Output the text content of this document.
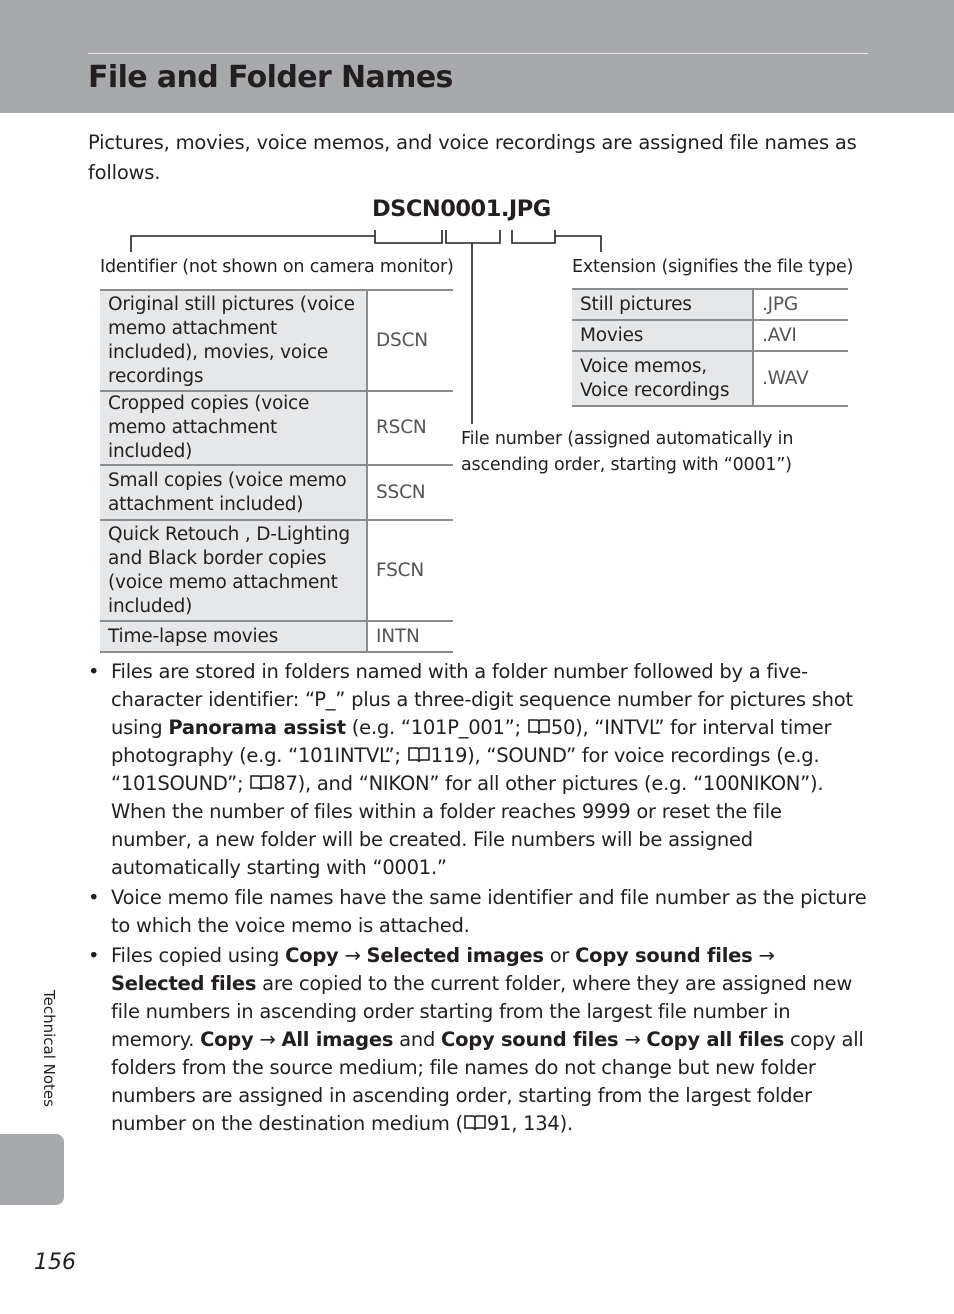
File and Folder Names
Pictures, movies, voice memos, and voice recordings are assigned file names as follows.
DSCN0001.JPG
Identifier (not shown on camera monitor)	Extension (signifies the file type)
File number (assigned automatically in
ascending order, starting with “0001”)
Original still pictures (voice memo attachment included), movies, voice recordings	DSCN
Cropped copies (voice memo attachment included)	RSCN
Small copies (voice memo attachment included)	SSCN
Quick Retouch , D-Lighting and Black border copies (voice memo attachment included)	FSCN
Time-lapse movies	INTN
Still pictures	.JPG
Movies	.AVI
Voice memos, Voice recordings	.WAV
• Files are stored in folders named with a folder number followed by a five-character identifier: “P_” plus a three-digit sequence number for pictures shot using Panorama assist (e.g. “101P_001”; 50), “INTVL” for interval timer photography (e.g. “101INTVL”; 119), “SOUND” for voice recordings (e.g. “101SOUND”; 87), and “NIKON” for all other pictures (e.g. “100NIKON”). When the number of files within a folder reaches 9999 or reset the file number, a new folder will be created. File numbers will be assigned automatically starting with “0001.”
• Voice memo file names have the same identifier and file number as the picture to which the voice memo is attached.
• Files copied using Copy → Selected images or Copy sound files → Selected files are copied to the current folder, where they are assigned new file numbers in ascending order starting from the largest file number in memory. Copy → All images and Copy sound files → Copy all files copy all folders from the source medium; file names do not change but new folder numbers are assigned in ascending order, starting from the largest folder number on the destination medium ( 91, 134).
Technical Notes
156
